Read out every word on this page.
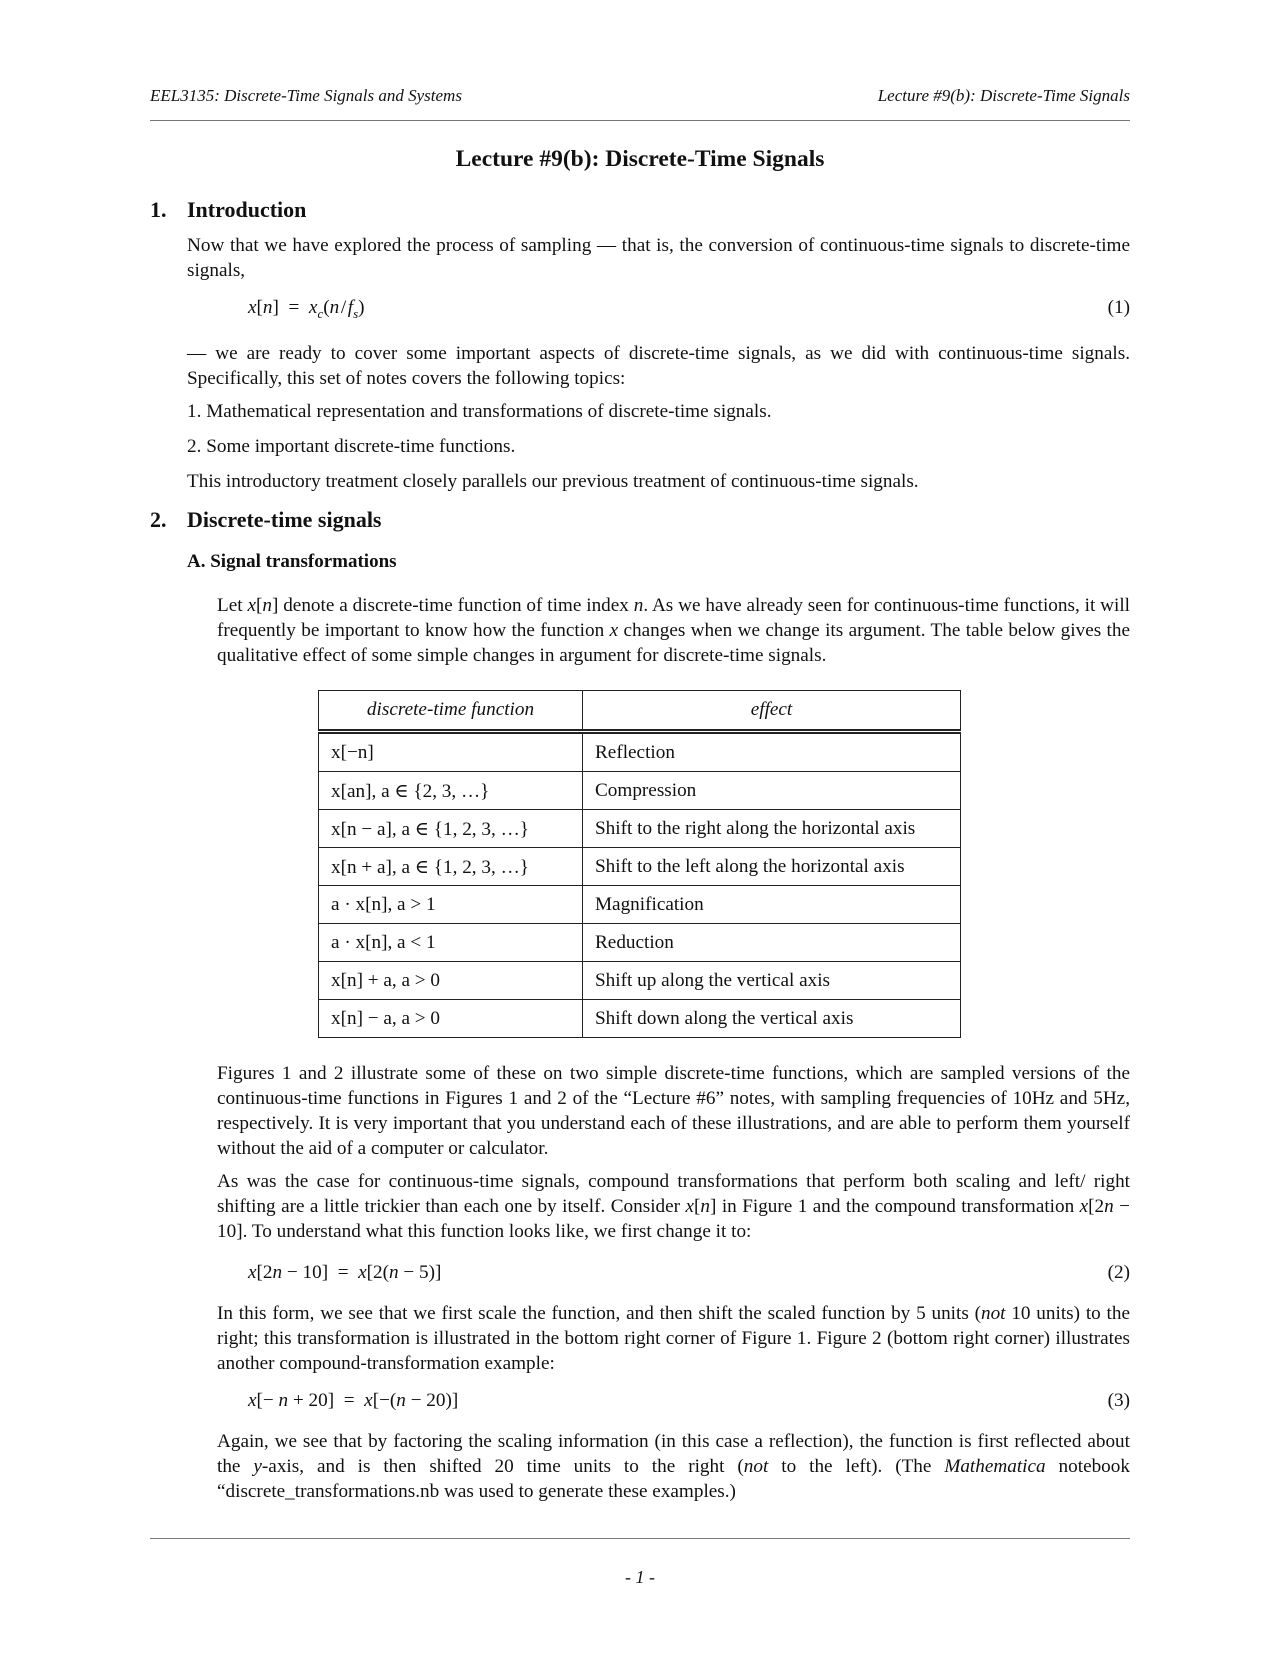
EEL3135: Discrete-Time Signals and Systems	Lecture #9(b): Discrete-Time Signals
Lecture #9(b): Discrete-Time Signals
1. Introduction

Now that we have explored the process of sampling — that is, the conversion of continuous-time signals to discrete-time signals,

$x[n] = x_c(n$ / $f_s$)	(1)

— we are ready to cover some important aspects of discrete-time signals, as we did with continuous-time signals. Specifically, this set of notes covers the following topics:

1. Mathematical representation and transformations of discrete-time signals.

2. Some important discrete-time functions.

This introductory treatment closely parallels our previous treatment of continuous-time signals.

2. Discrete-time signals
A. Signal transformations

Let x[n] denote a discrete-time function of time index n. As we have already seen for continuous-time functions, it will frequently be important to know how the function x changes when we change its argument. The table below gives the qualitative effect of some simple changes in argument for discrete-time signals.

discrete-time function	effect
x[−n]	Reflection
x[an], a ∈ {2, 3, …}	Compression
x[n − a], a ∈ {1, 2, 3, …}	Shift to the right along the horizontal axis
x[n + a], a ∈ {1, 2, 3, …}	Shift to the left along the horizontal axis
a · x[n], a > 1	Magnification
a · x[n], a < 1	Reduction
x[n] + a, a > 0	Shift up along the vertical axis
x[n] − a, a > 0	Shift down along the vertical axis

Figures 1 and 2 illustrate some of these on two simple discrete-time functions, which are sampled versions of the continuous-time functions in Figures 1 and 2 of the “Lecture #6” notes, with sampling frequencies of 10Hz and 5Hz, respectively. It is very important that you understand each of these illustrations, and are able to perform them yourself without the aid of a computer or calculator.

As was the case for continuous-time signals, compound transformations that perform both scaling and left/ right shifting are a little trickier than each one by itself. Consider x[n] in Figure 1 and the compound transformation x[2n − 10]. To understand what this function looks like, we first change it to:

x[2n − 10]  =  x[2(n − 5)]	(2)

In this form, we see that we first scale the function, and then shift the scaled function by 5 units (not 10 units) to the right; this transformation is illustrated in the bottom right corner of Figure 1. Figure 2 (bottom right corner) illustrates another compound-transformation example:

x[− n + 20]  =  x[−(n − 20)]	(3)

Again, we see that by factoring the scaling information (in this case a reflection), the function is first reflected about the y-axis, and is then shifted 20 time units to the right (not to the left). (The Mathematica notebook “discrete_transformations.nb was used to generate these examples.)

- 1 -
